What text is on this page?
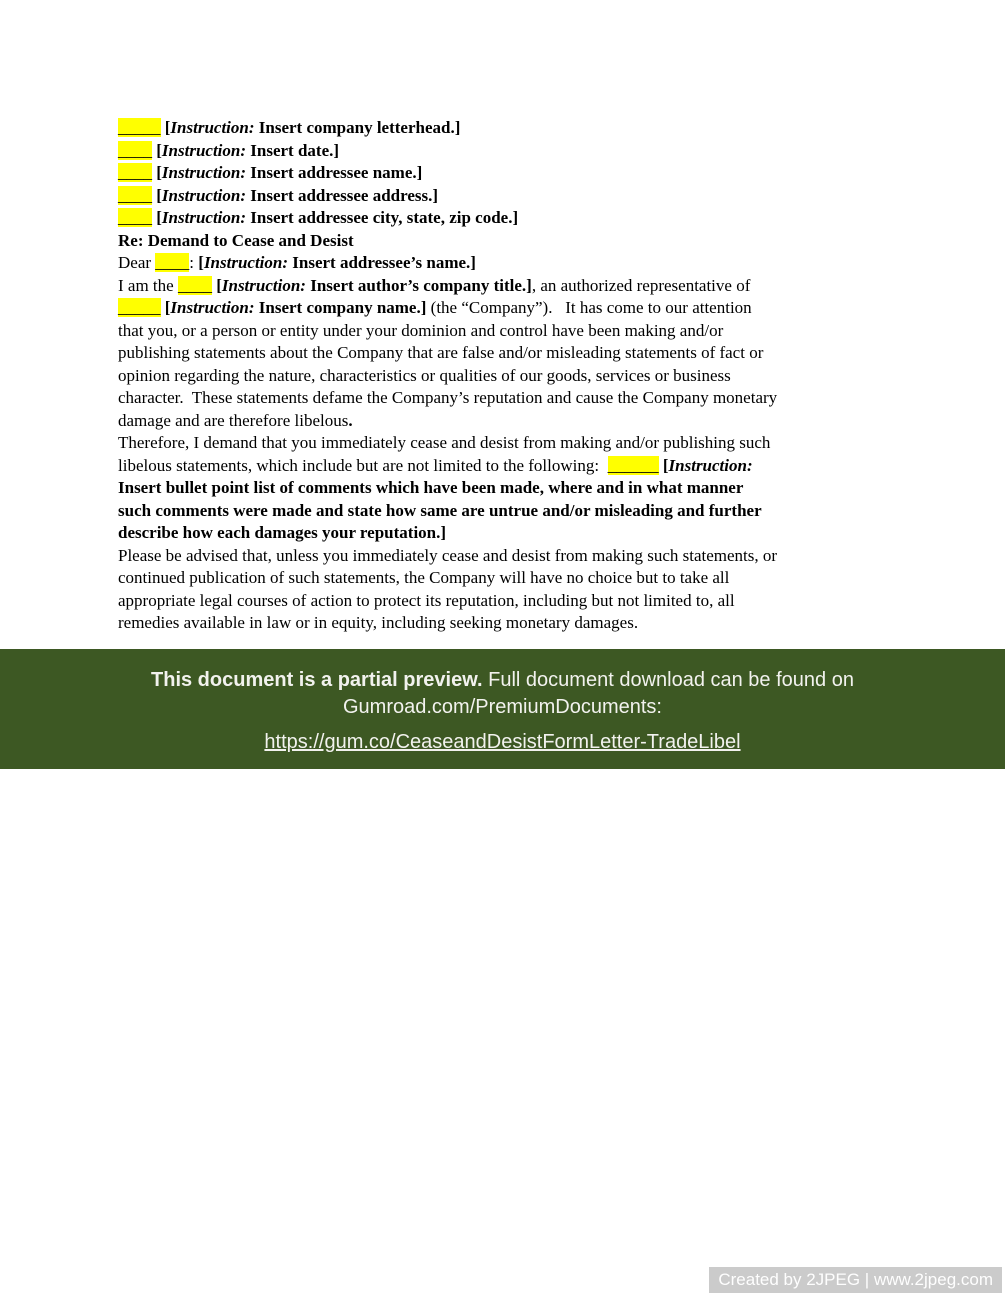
_____ [Instruction: Insert company letterhead.]

____ [Instruction: Insert date.]

____ [Instruction: Insert addressee name.]
____ [Instruction: Insert addressee address.]
____ [Instruction: Insert addressee city, state, zip code.]

Re: Demand to Cease and Desist

Dear ____: [Instruction: Insert addressee’s name.]

I am the ____ [Instruction: Insert author’s company title.], an authorized representative of
_____ [Instruction: Insert company name.] (the “Company”).   It has come to our attention
that you, or a person or entity under your dominion and control have been making and/or
publishing statements about the Company that are false and/or misleading statements of fact or
opinion regarding the nature, characteristics or qualities of our goods, services or business
character.  These statements defame the Company’s reputation and cause the Company monetary
damage and are therefore libelous.

Therefore, I demand that you immediately cease and desist from making and/or publishing such
libelous statements, which include but are not limited to the following:  ______ [Instruction:
Insert bullet point list of comments which have been made, where and in what manner
such comments were made and state how same are untrue and/or misleading and further
describe how each damages your reputation.]

Please be advised that, unless you immediately cease and desist from making such statements, or
continued publication of such statements, the Company will have no choice but to take all
appropriate legal courses of action to protect its reputation, including but not limited to, all
remedies available in law or in equity, including seeking monetary damages.

This document is a partial preview. Full document download can be found on
Gumroad.com/PremiumDocuments:

https://gum.co/CeaseandDesistFormLetter-TradeLibel

Created by 2JPEG | www.2jpeg.com
